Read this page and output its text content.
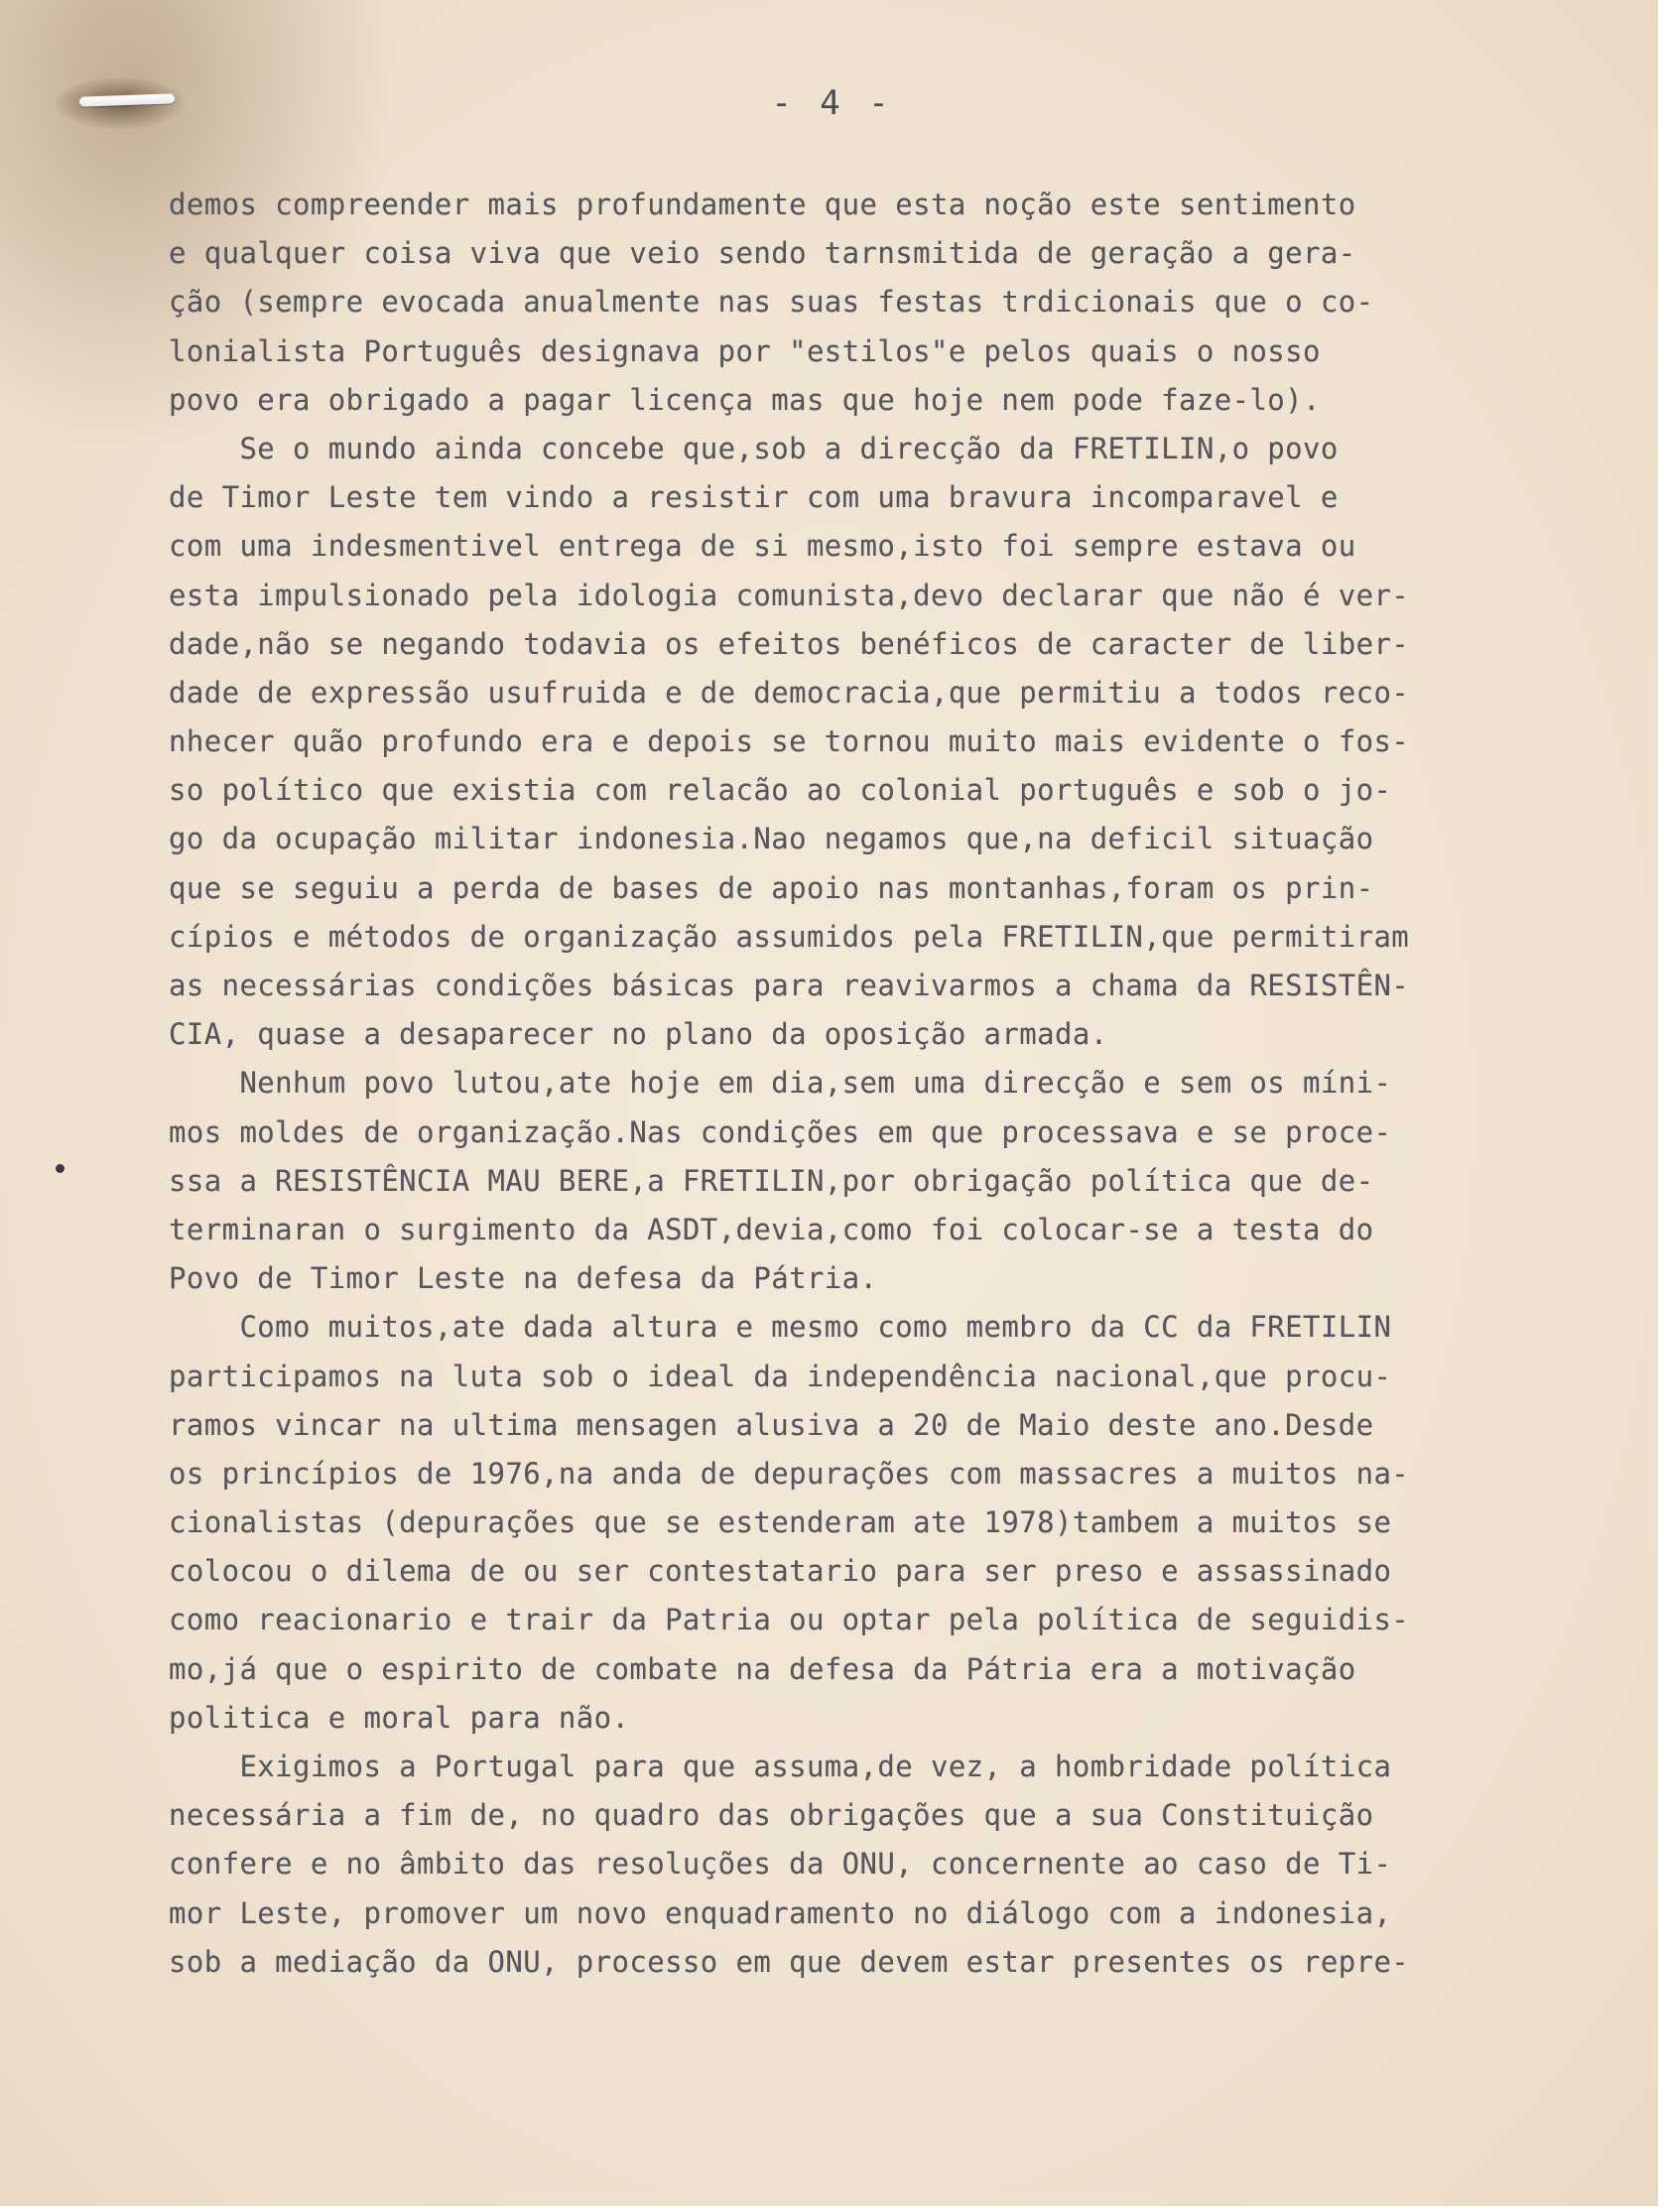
- 4 -
demos compreender mais profundamente que esta noção este sentimento
e qualquer coisa viva que veio sendo tarnsmitida de geração a gera-
ção (sempre evocada anualmente nas suas festas trdicionais que o co-
lonialista Português designava por "estilos"e pelos quais o nosso
povo era obrigado a pagar licença mas que hoje nem pode faze-lo).
Se o mundo ainda concebe que,sob a direcção da FRETILIN,o povo
de Timor Leste tem vindo a resistir com uma bravura incomparavel e
com uma indesmentivel entrega de si mesmo,isto foi sempre estava ou
esta impulsionado pela idologia comunista,devo declarar que não é ver-
dade,não se negando todavia os efeitos benéficos de caracter de liber-
dade de expressão usufruida e de democracia,que permitiu a todos reco-
nhecer quão profundo era e depois se tornou muito mais evidente o fos-
so político que existia com relacão ao colonial português e sob o jo-
go da ocupação militar indonesia.Nao negamos que,na deficil situação
que se seguiu a perda de bases de apoio nas montanhas,foram os prin-
cípios e métodos de organização assumidos pela FRETILIN,que permitiram
as necessárias condições básicas para reavivarmos a chama da RESISTÊN-
CIA, quase a desaparecer no plano da oposição armada.
Nenhum povo lutou,ate hoje em dia,sem uma direcção e sem os míni-
mos moldes de organização.Nas condições em que processava e se proce-
ssa a RESISTÊNCIA MAU BERE,a FRETILIN,por obrigação política que de-
terminaran o surgimento da ASDT,devia,como foi colocar-se a testa do
Povo de Timor Leste na defesa da Pátria.
Como muitos,ate dada altura e mesmo como membro da CC da FRETILIN
participamos na luta sob o ideal da independência nacional,que procu-
ramos vincar na ultima mensagen alusiva a 20 de Maio deste ano.Desde
os princípios de 1976,na anda de depurações com massacres a muitos na-
cionalistas (depurações que se estenderam ate 1978)tambem a muitos se
colocou o dilema de ou ser contestatario para ser preso e assassinado
como reacionario e trair da Patria ou optar pela política de seguidis-
mo,já que o espirito de combate na defesa da Pátria era a motivação
politica e moral para não.
Exigimos a Portugal para que assuma,de vez, a hombridade política
necessária a fim de, no quadro das obrigações que a sua Constituição
confere e no âmbito das resoluções da ONU, concernente ao caso de Ti-
mor Leste, promover um novo enquadramento no diálogo com a indonesia,
sob a mediação da ONU, processo em que devem estar presentes os repre-
